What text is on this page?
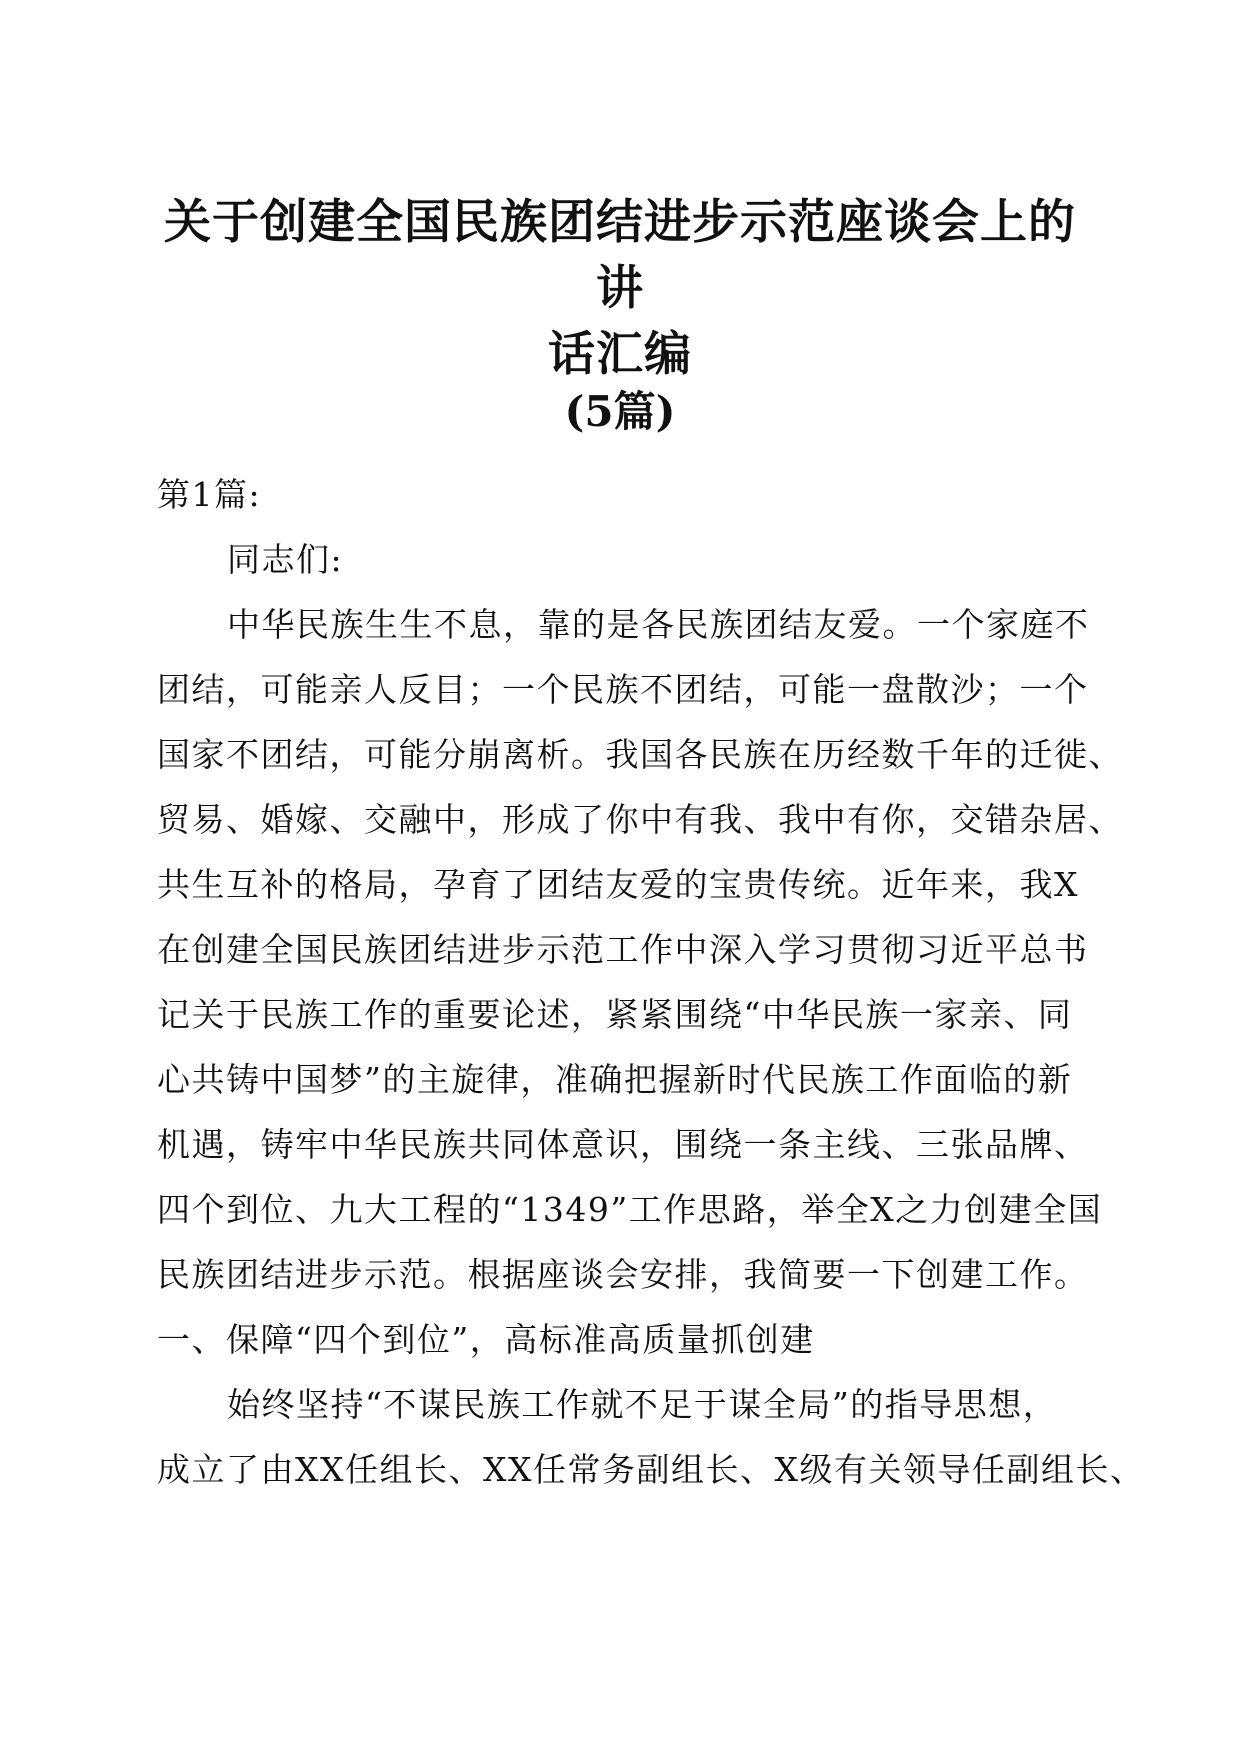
关于创建全国民族团结进步示范座谈会上的讲
话汇编
(5篇)
第1篇:
同志们:
中华民族生生不息，靠的是各民族团结友爱。一个家庭不
团结，可能亲人反目；一个民族不团结，可能一盘散沙；一个
国家不团结，可能分崩离析。我国各民族在历经数千年的迁徙、
贸易、婚嫁、交融中，形成了你中有我、我中有你，交错杂居、
共生互补的格局，孕育了团结友爱的宝贵传统。近年来，我X
在创建全国民族团结进步示范工作中深入学习贯彻习近平总书
记关于民族工作的重要论述，紧紧围绕“中华民族一家亲、同
心共铸中国梦”的主旋律，准确把握新时代民族工作面临的新
机遇，铸牢中华民族共同体意识，围绕一条主线、三张品牌、
四个到位、九大工程的“1349”工作思路，举全X之力创建全国
民族团结进步示范。根据座谈会安排，我简要一下创建工作。
一、保障“四个到位”，高标准高质量抓创建
始终坚持“不谋民族工作就不足于谋全局”的指导思想，
成立了由XX任组长、XX任常务副组长、X级有关领导任副组长、
